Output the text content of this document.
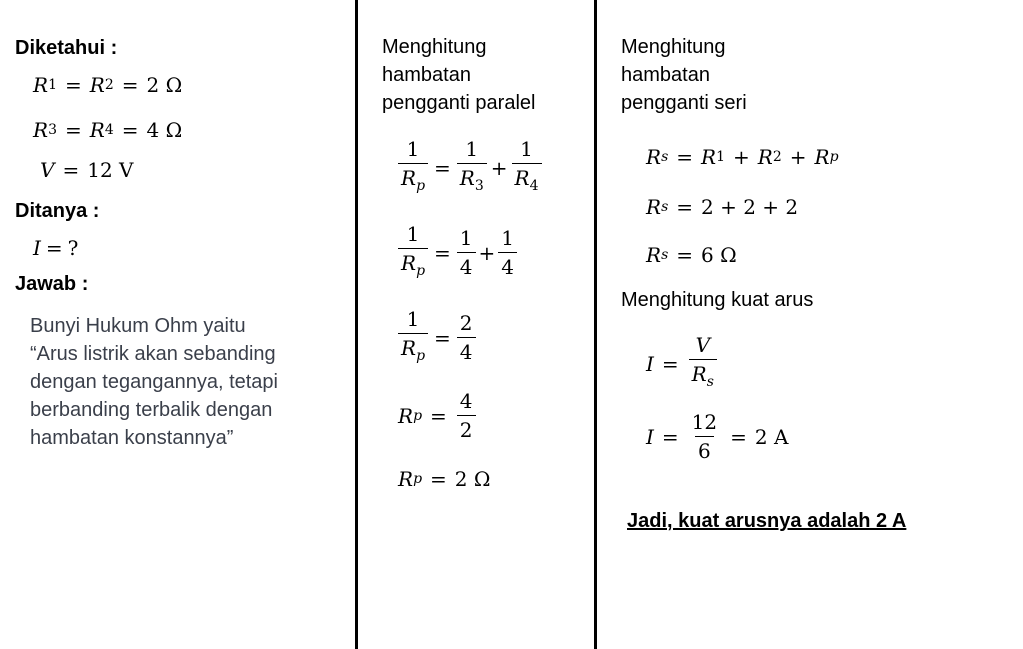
Diketahui :
R 1 = R 2 = 2 Ω
R 3 = R 4 = 4 Ω
V = 12 V
Ditanya :
I = ?
Jawab :
Bunyi Hukum Ohm yaitu
“Arus listrik akan sebanding
dengan tegangannya, tetapi
berbanding terbalik dengan
hambatan konstannya”
Menghitung
hambatan
pengganti paralel
$\frac{1}{R_p} = \frac{1}{R_3} + \frac{1}{R_4}$
$\frac{1}{R_p} = \frac{1}{4} + \frac{1}{4}$
$\frac{1}{R_p} = \frac{2}{4}$
R $p = \frac{4}{2}$
R p = 2 Ω
Menghitung
hambatan
pengganti seri
R s = R 1 + R 2 + R p
R s = 2 + 2 + 2
R s = 6 Ω
Menghitung kuat arus
$I = \frac{V}{R_s}$
$I = \frac{12}{6} = 2$ A
Jadi, kuat arusnya adalah 2 A
